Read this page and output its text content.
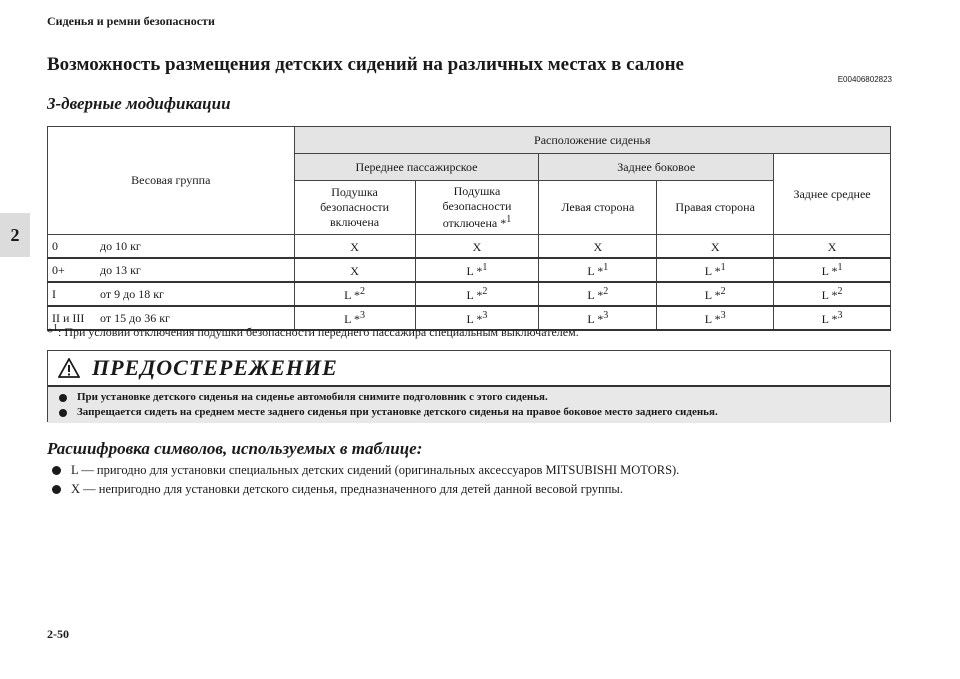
Сиденья и ремни безопасности
Возможность размещения детских сидений на различных местах в салоне
E00406802823
3-дверные модификации
2
Весовая группа	Расположение сиденья				
	Переднее пассажирское		Заднее боковое		Заднее среднее
	Подушка безопасности включена	Подушка безопасности отключена *$^1$	Левая сторона	Правая сторона	

0 до 10 кг	X	X	X	X	X

0+ до 13 кг	X	L *$^1$	L *$^1$	L *$^1$	L *$^1$

I от 9 до 18 кг	L *$^2$	L *$^2$	L *$^2$	L *$^2$	L *$^2$

II и III от 15 до 36 кг	L *$^3$	L *$^3$	L *$^3$	L *$^3$	L *$^3$
*$^1$: При условии отключения подушки безопасности переднего пассажира специальным выключателем.
ПРЕДОСТЕРЕЖЕНИЕ
При установке детского сиденья на сиденье автомобиля снимите подголовник с этого сиденья.
Запрещается сидеть на среднем месте заднего сиденья при установке детского сиденья на правое боковое место заднего сиденья.
Расшифровка символов, используемых в таблице:
L — пригодно для установки специальных детских сидений (оригинальных аксессуаров MITSUBISHI MOTORS).
X — непригодно для установки детского сиденья, предназначенного для детей данной весовой группы.
2-50
